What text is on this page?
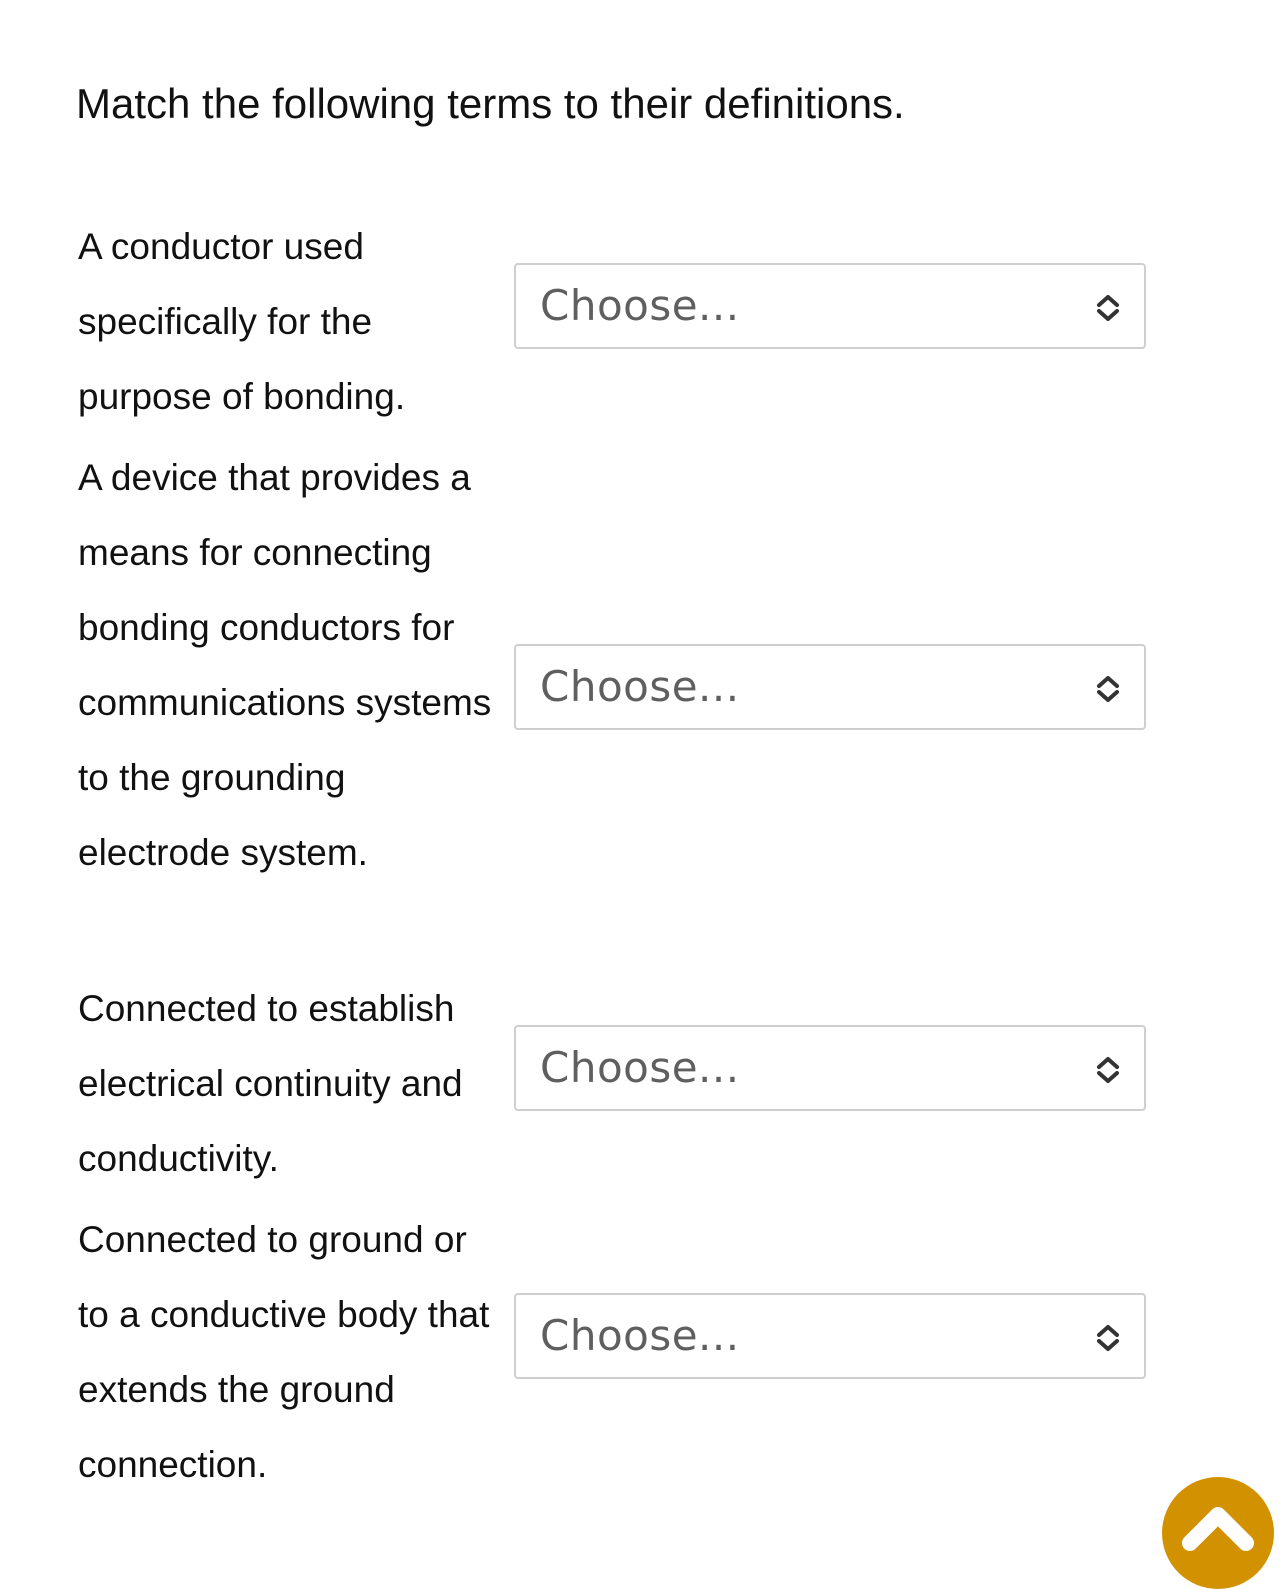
Match the following terms to their definitions.
A conductor used specifically for the purpose of bonding.
Choose...
A device that provides a means for connecting bonding conductors for communications systems to the grounding electrode system.
Choose...
Connected to establish electrical continuity and conductivity.
Choose...
Connected to ground or to a conductive body that extends the ground connection.
Choose...
